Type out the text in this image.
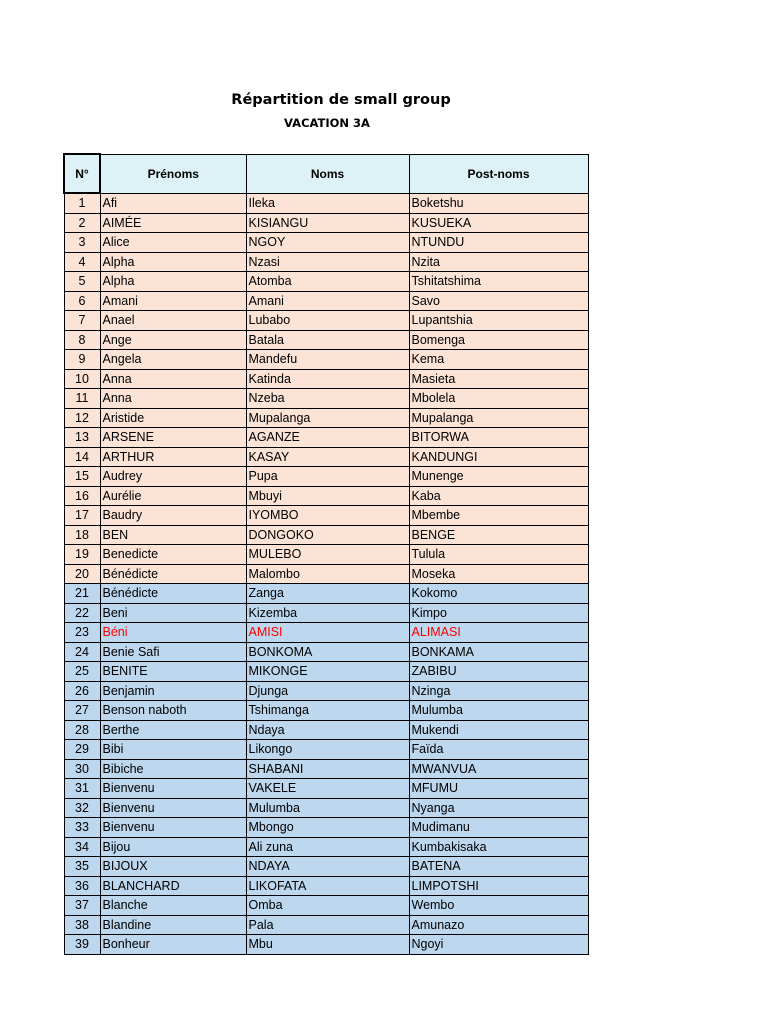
Répartition de small group
VACATION 3A
N°	Prénoms	Noms	Post-noms
1	Afi	Ileka	Boketshu
2	AIMÉE	KISIANGU	KUSUEKA
3	Alice	NGOY	NTUNDU
4	Alpha	Nzasi	Nzita
5	Alpha	Atomba	Tshitatshima
6	Amani	Amani	Savo
7	Anael	Lubabo	Lupantshia
8	Ange	Batala	Bomenga
9	Angela	Mandefu	Kema
10	Anna	Katinda	Masieta
11	Anna	Nzeba	Mbolela
12	Aristide	Mupalanga	Mupalanga
13	ARSENE	AGANZE	BITORWA
14	ARTHUR	KASAY	KANDUNGI
15	Audrey	Pupa	Munenge
16	Aurélie	Mbuyi	Kaba
17	Baudry	IYOMBO	Mbembe
18	BEN	DONGOKO	BENGE
19	Benedicte	MULEBO	Tulula
20	Bénédicte	Malombo	Moseka
21	Bénédicte	Zanga	Kokomo
22	Beni	Kizemba	Kimpo
23	Béni	AMISI	ALIMASI
24	Benie Safi	BONKOMA	BONKAMA
25	BENITE	MIKONGE	ZABIBU
26	Benjamin	Djunga	Nzinga
27	Benson naboth	Tshimanga	Mulumba
28	Berthe	Ndaya	Mukendi
29	Bibi	Likongo	Faïda
30	Bibiche	SHABANI	MWANVUA
31	Bienvenu	VAKELE	MFUMU
32	Bienvenu	Mulumba	Nyanga
33	Bienvenu	Mbongo	Mudimanu
34	Bijou	Ali zuna	Kumbakisaka
35	BIJOUX	NDAYA	BATENA
36	BLANCHARD	LIKOFATA	LIMPOTSHI
37	Blanche	Omba	Wembo
38	Blandine	Pala	Amunazo
39	Bonheur	Mbu	Ngoyi
